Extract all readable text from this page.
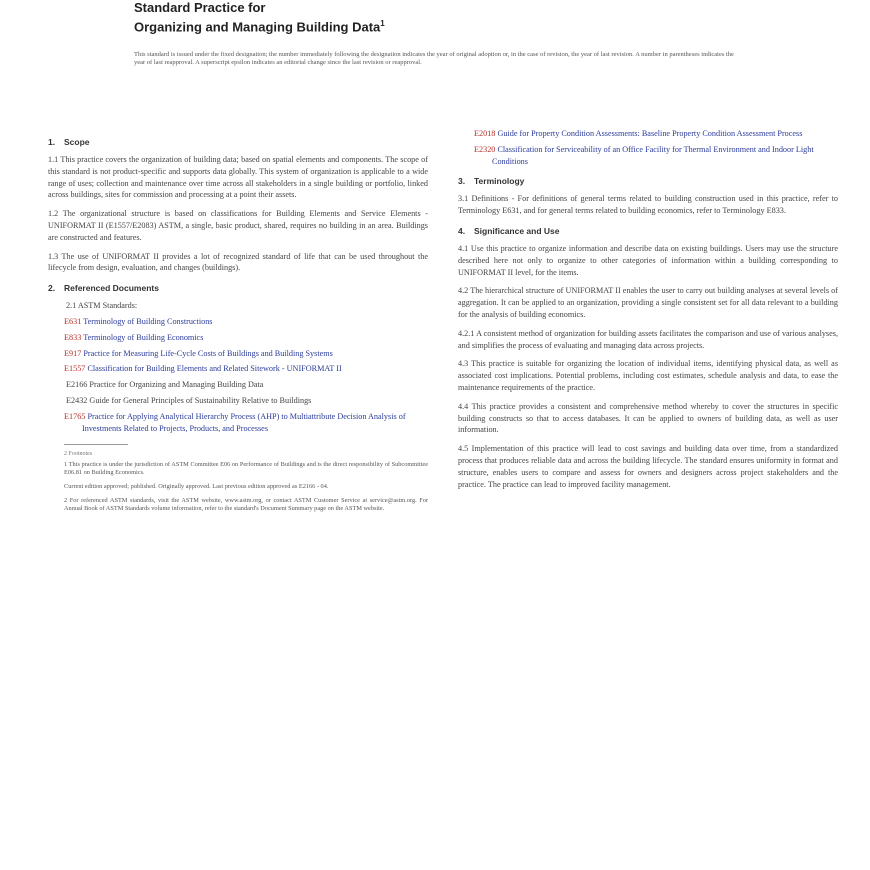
Standard Practice for
Organizing and Managing Building Data$^1$
This standard is issued under the fixed designation; the number immediately following the designation indicates the year of original adoption or, in the case of revision, the year of last revision. A number in parentheses indicates the year of last reapproval. A superscript epsilon indicates an editorial change since the last revision or reapproval.
1. Scope

1.1 This practice covers the organization of building data; based on spatial elements and components. The scope of this standard is not product-specific and supports data globally. This system of organization is applicable to a wide range of uses; collection and maintenance over time across all stakeholders in a single building or portfolio, linked across buildings, sites for commission and processing at a point their assets.

1.2 The organizational structure is based on classifications for Building Elements and Service Elements - UNIFORMAT II (E1557/E2083) ASTM, a single, basic product, shared, requires no building in an area. Buildings are constructed and features.

1.3 The use of UNIFORMAT II provides a lot of recognized standard of life that can be used throughout the lifecycle from design, evaluation, and changes (buildings).

2. Referenced Documents

2.1 ASTM Standards:

E631 Terminology of Building Constructions

E833 Terminology of Building Economics

E917 Practice for Measuring Life-Cycle Costs of Buildings and Building Systems

E1557 Classification for Building Elements and Related Sitework - UNIFORMAT II

E2166 Practice for Organizing and Managing Building Data

E2432 Guide for General Principles of Sustainability Relative to Buildings

E1765 Practice for Applying Analytical Hierarchy Process (AHP) to Multiattribute Decision Analysis of Investments Related to Projects, Products, and Processes

2 Footnotes

1 This practice is under the jurisdiction of ASTM Committee E06 on Performance of Buildings and is the direct responsibility of Subcommittee E06.81 on Building Economics.

Current edition approved; published. Originally approved. Last previous edition approved as E2166 - 04.

2 For referenced ASTM standards, visit the ASTM website, www.astm.org, or contact ASTM Customer Service at service@astm.org. For Annual Book of ASTM Standards volume information, refer to the standard's Document Summary page on the ASTM website.

E2018 Guide for Property Condition Assessments: Baseline Property Condition Assessment Process

E2320 Classification for Serviceability of an Office Facility for Thermal Environment and Indoor Light Conditions

3. Terminology

3.1 Definitions - For definitions of general terms related to building construction used in this practice, refer to Terminology E631, and for general terms related to building economics, refer to Terminology E833.

4. Significance and Use

4.1 Use this practice to organize information and describe data on existing buildings. Users may use the structure described here not only to organize to other categories of information within a building corresponding to UNIFORMAT II level, for the items.

4.2 The hierarchical structure of UNIFORMAT II enables the user to carry out building analyses at several levels of aggregation. It can be applied to an organization, providing a single consistent set for all data relevant to a building for the analysis of building economics.

4.2.1 A consistent method of organization for building assets facilitates the comparison and use of various analyses, and simplifies the process of evaluating and managing data across projects.

4.3 This practice is suitable for organizing the location of individual items, identifying physical data, as well as associated cost implications. Potential problems, including cost estimates, schedule analysis and data, to ease the maintenance requirements of the practice.

4.4 This practice provides a consistent and comprehensive method whereby to cover the structures in specific building constructs so that to access databases. It can be applied to owners of building data, as well as user information.

4.5 Implementation of this practice will lead to cost savings and building data over time, from a standardized process that produces reliable data and across the building lifecycle. The standard ensures uniformity in format and structure, enables users to compare and assess for owners and designers across project stakeholders and the practice. The practice can lead to improved facility management.
